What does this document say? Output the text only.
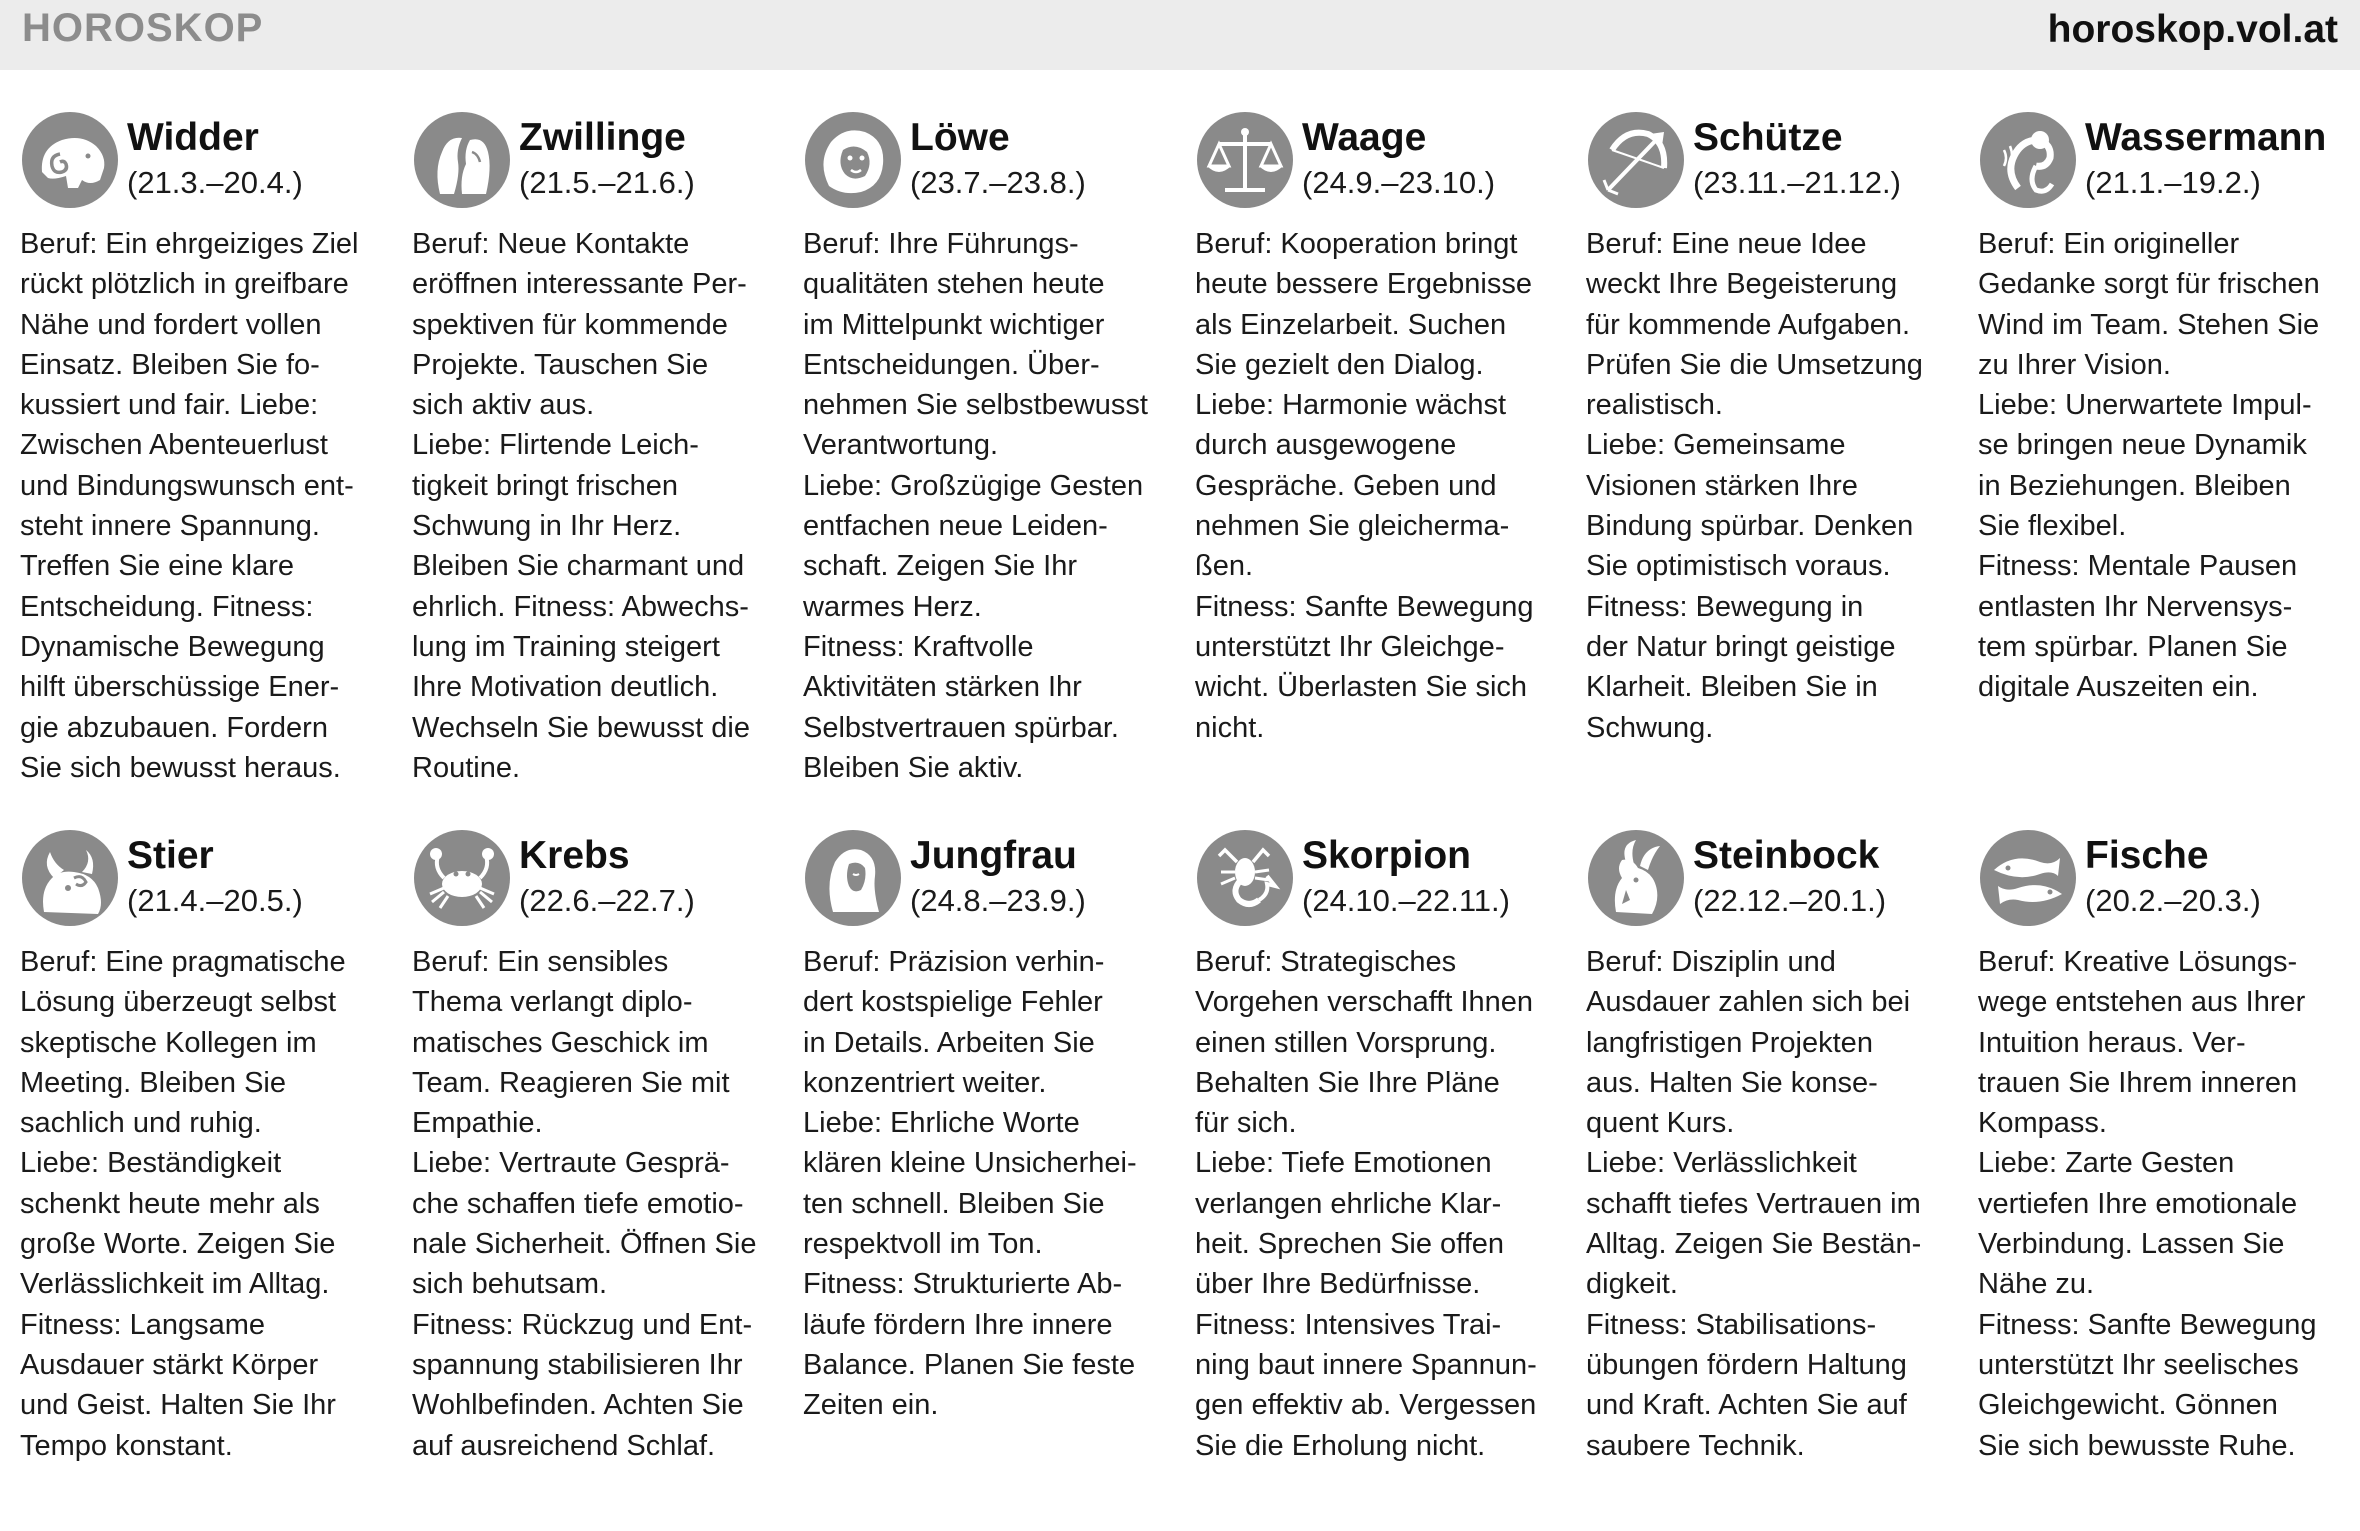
HOROSKOP	horoskop.vol.at
Widder
(21.3.–20.4.)
Beruf: Ein ehrgeiziges Ziel
rückt plötzlich in greifbare
Nähe und fordert vollen
Einsatz. Bleiben Sie fo-
kussiert und fair. Liebe:
Zwischen Abenteuerlust
und Bindungswunsch ent-
steht innere Spannung.
Treffen Sie eine klare
Entscheidung. Fitness:
Dynamische Bewegung
hilft überschüssige Ener-
gie abzubauen. Fordern
Sie sich bewusst heraus.
Zwillinge
(21.5.–21.6.)
Beruf: Neue Kontakte
eröffnen interessante Per-
spektiven für kommende
Projekte. Tauschen Sie
sich aktiv aus.
Liebe: Flirtende Leich-
tigkeit bringt frischen
Schwung in Ihr Herz.
Bleiben Sie charmant und
ehrlich. Fitness: Abwechs-
lung im Training steigert
Ihre Motivation deutlich.
Wechseln Sie bewusst die
Routine.
Löwe
(23.7.–23.8.)
Beruf: Ihre Führungs-
qualitäten stehen heute
im Mittelpunkt wichtiger
Entscheidungen. Über-
nehmen Sie selbstbewusst
Verantwortung.
Liebe: Großzügige Gesten
entfachen neue Leiden-
schaft. Zeigen Sie Ihr
warmes Herz.
Fitness: Kraftvolle
Aktivitäten stärken Ihr
Selbstvertrauen spürbar.
Bleiben Sie aktiv.
Waage
(24.9.–23.10.)
Beruf: Kooperation bringt
heute bessere Ergebnisse
als Einzelarbeit. Suchen
Sie gezielt den Dialog.
Liebe: Harmonie wächst
durch ausgewogene
Gespräche. Geben und
nehmen Sie gleicherma-
ßen.
Fitness: Sanfte Bewegung
unterstützt Ihr Gleichge-
wicht. Überlasten Sie sich
nicht.
Schütze
(23.11.–21.12.)
Beruf: Eine neue Idee
weckt Ihre Begeisterung
für kommende Aufgaben.
Prüfen Sie die Umsetzung
realistisch.
Liebe: Gemeinsame
Visionen stärken Ihre
Bindung spürbar. Denken
Sie optimistisch voraus.
Fitness: Bewegung in
der Natur bringt geistige
Klarheit. Bleiben Sie in
Schwung.
Wassermann
(21.1.–19.2.)
Beruf: Ein origineller
Gedanke sorgt für frischen
Wind im Team. Stehen Sie
zu Ihrer Vision.
Liebe: Unerwartete Impul-
se bringen neue Dynamik
in Beziehungen. Bleiben
Sie flexibel.
Fitness: Mentale Pausen
entlasten Ihr Nervensys-
tem spürbar. Planen Sie
digitale Auszeiten ein.
Stier
(21.4.–20.5.)
Beruf: Eine pragmatische
Lösung überzeugt selbst
skeptische Kollegen im
Meeting. Bleiben Sie
sachlich und ruhig.
Liebe: Beständigkeit
schenkt heute mehr als
große Worte. Zeigen Sie
Verlässlichkeit im Alltag.
Fitness: Langsame
Ausdauer stärkt Körper
und Geist. Halten Sie Ihr
Tempo konstant.
Krebs
(22.6.–22.7.)
Beruf: Ein sensibles
Thema verlangt diplo-
matisches Geschick im
Team. Reagieren Sie mit
Empathie.
Liebe: Vertraute Gesprä-
che schaffen tiefe emotio-
nale Sicherheit. Öffnen Sie
sich behutsam.
Fitness: Rückzug und Ent-
spannung stabilisieren Ihr
Wohlbefinden. Achten Sie
auf ausreichend Schlaf.
Jungfrau
(24.8.–23.9.)
Beruf: Präzision verhin-
dert kostspielige Fehler
in Details. Arbeiten Sie
konzentriert weiter.
Liebe: Ehrliche Worte
klären kleine Unsicherhei-
ten schnell. Bleiben Sie
respektvoll im Ton.
Fitness: Strukturierte Ab-
läufe fördern Ihre innere
Balance. Planen Sie feste
Zeiten ein.
Skorpion
(24.10.–22.11.)
Beruf: Strategisches
Vorgehen verschafft Ihnen
einen stillen Vorsprung.
Behalten Sie Ihre Pläne
für sich.
Liebe: Tiefe Emotionen
verlangen ehrliche Klar-
heit. Sprechen Sie offen
über Ihre Bedürfnisse.
Fitness: Intensives Trai-
ning baut innere Spannun-
gen effektiv ab. Vergessen
Sie die Erholung nicht.
Steinbock
(22.12.–20.1.)
Beruf: Disziplin und
Ausdauer zahlen sich bei
langfristigen Projekten
aus. Halten Sie konse-
quent Kurs.
Liebe: Verlässlichkeit
schafft tiefes Vertrauen im
Alltag. Zeigen Sie Bestän-
digkeit.
Fitness: Stabilisations-
übungen fördern Haltung
und Kraft. Achten Sie auf
saubere Technik.
Fische
(20.2.–20.3.)
Beruf: Kreative Lösungs-
wege entstehen aus Ihrer
Intuition heraus. Ver-
trauen Sie Ihrem inneren
Kompass.
Liebe: Zarte Gesten
vertiefen Ihre emotionale
Verbindung. Lassen Sie
Nähe zu.
Fitness: Sanfte Bewegung
unterstützt Ihr seelisches
Gleichgewicht. Gönnen
Sie sich bewusste Ruhe.
